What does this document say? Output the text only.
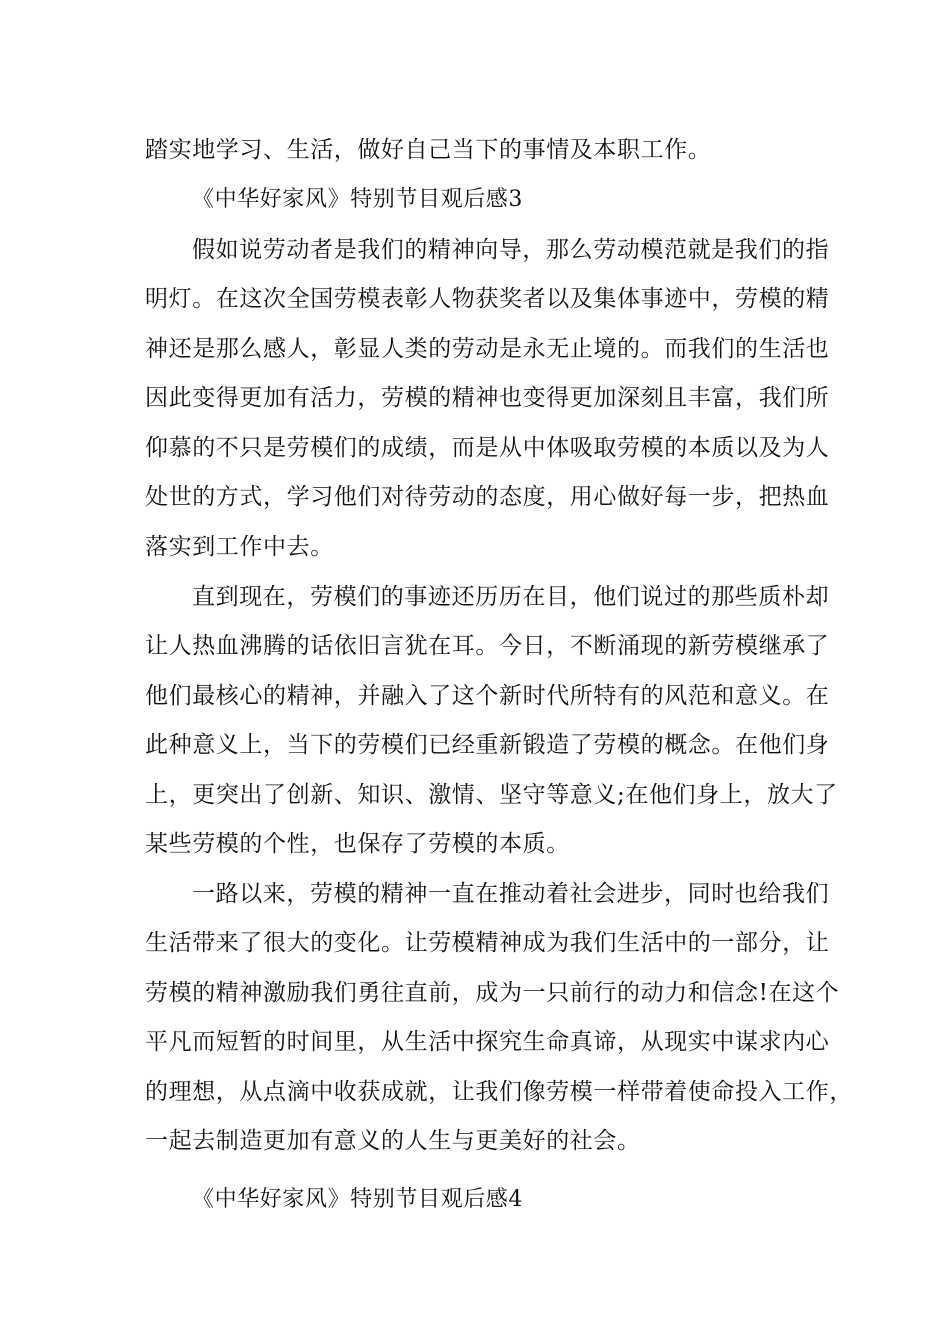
踏实地学习、生活，做好自己当下的事情及本职工作。
《中华好家风》特别节目观后感3
假如说劳动者是我们的精神向导，那么劳动模范就是我们的指
明灯。在这次全国劳模表彰人物获奖者以及集体事迹中，劳模的精
神还是那么感人，彰显人类的劳动是永无止境的。而我们的生活也
因此变得更加有活力，劳模的精神也变得更加深刻且丰富，我们所
仰慕的不只是劳模们的成绩，而是从中体吸取劳模的本质以及为人
处世的方式，学习他们对待劳动的态度，用心做好每一步，把热血
落实到工作中去。
直到现在，劳模们的事迹还历历在目，他们说过的那些质朴却
让人热血沸腾的话依旧言犹在耳。今日，不断涌现的新劳模继承了
他们最核心的精神，并融入了这个新时代所特有的风范和意义。在
此种意义上，当下的劳模们已经重新锻造了劳模的概念。在他们身
上，更突出了创新、知识、激情、坚守等意义;在他们身上，放大了
某些劳模的个性，也保存了劳模的本质。
一路以来，劳模的精神一直在推动着社会进步，同时也给我们
生活带来了很大的变化。让劳模精神成为我们生活中的一部分，让
劳模的精神激励我们勇往直前，成为一只前行的动力和信念!在这个
平凡而短暂的时间里，从生活中探究生命真谛，从现实中谋求内心
的理想，从点滴中收获成就，让我们像劳模一样带着使命投入工作，
一起去制造更加有意义的人生与更美好的社会。
《中华好家风》特别节目观后感4
